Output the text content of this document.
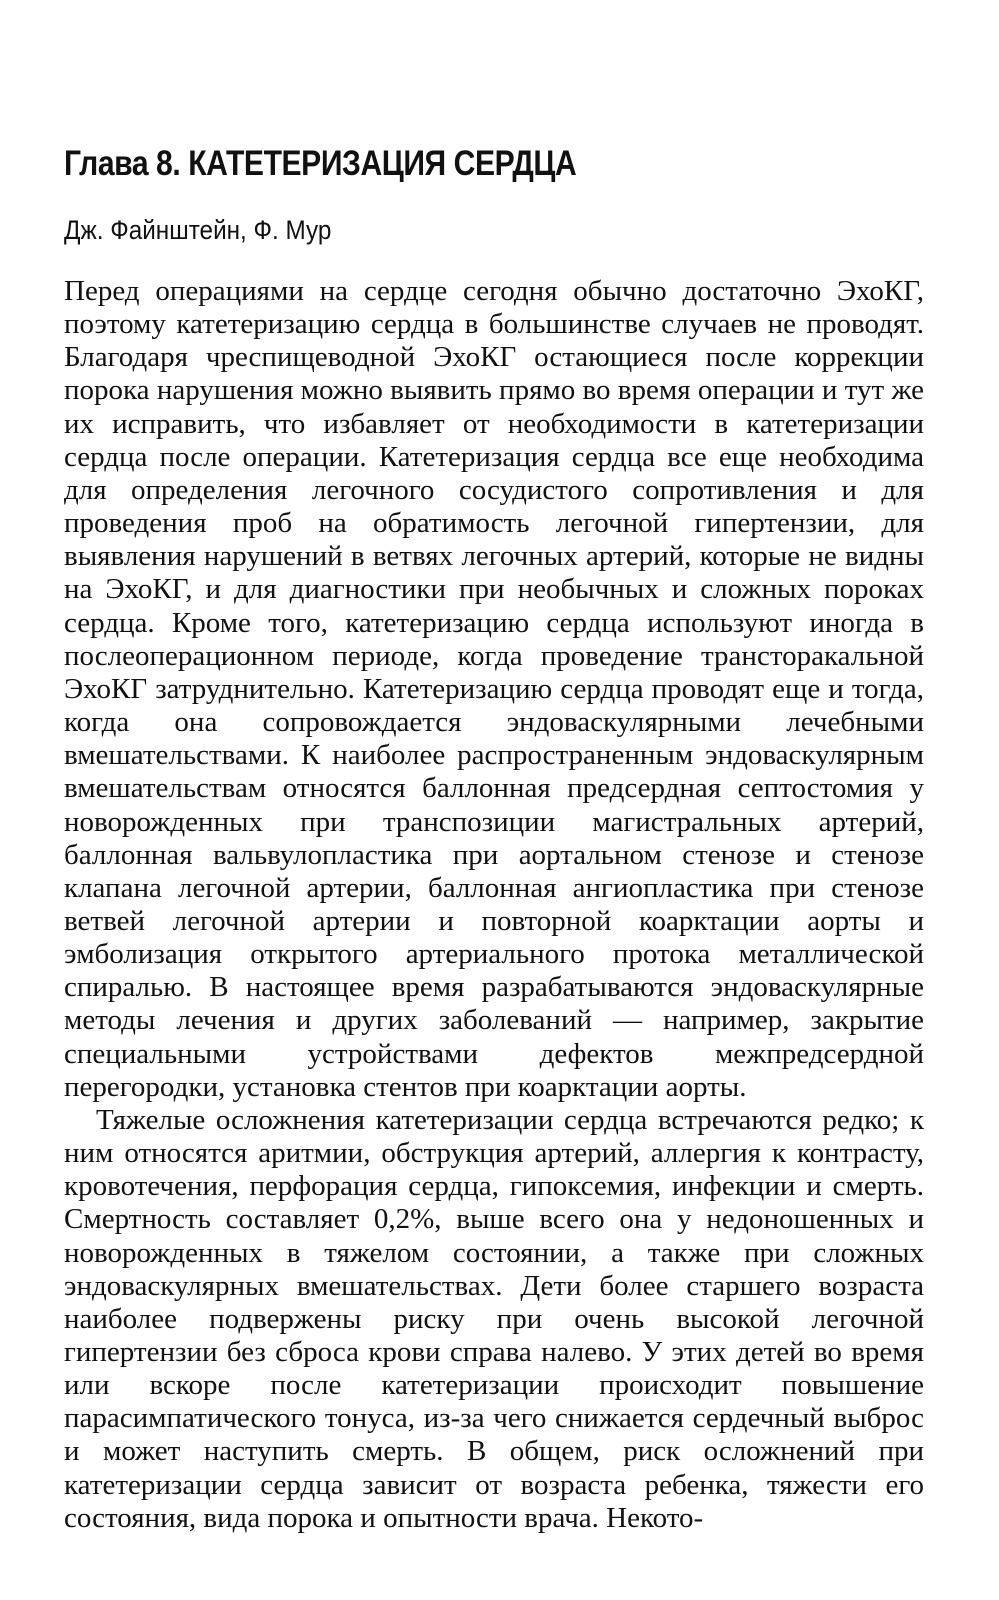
Глава 8. КАТЕТЕРИЗАЦИЯ СЕРДЦА
Дж. Файнштейн, Ф. Мур

Перед операциями на сердце сегодня обычно достаточно ЭхоКГ, поэтому катетеризацию сердца в большинстве случаев не проводят. Благодаря чреспищеводной ЭхоКГ остающиеся после коррекции порока нарушения можно выявить прямо во время операции и тут же их исправить, что избавляет от необходимости в катетеризации сердца после операции. Катетеризация сердца все еще необходима для определения легочного сосудистого сопротивления и для проведения проб на обратимость легочной гипертензии, для выявления нарушений в ветвях легочных артерий, которые не видны на ЭхоКГ, и для диагностики при необычных и сложных пороках сердца. Кроме того, катетеризацию сердца используют иногда в послеоперационном периоде, когда проведение трансторакальной ЭхоКГ затруднительно. Катетеризацию сердца проводят еще и тогда, когда она сопровождается эндоваскулярными лечебными вмешательствами. К наиболее распространенным эндоваскулярным вмешательствам относятся баллонная предсердная септостомия у новорожденных при транспозиции магистральных артерий, баллонная вальвулопластика при аортальном стенозе и стенозе клапана легочной артерии, баллонная ангиопластика при стенозе ветвей легочной артерии и повторной коарктации аорты и эмболизация открытого артериального протока металлической спиралью. В настоящее время разрабатываются эндоваскулярные методы лечения и других заболеваний — например, закрытие специальными устройствами дефектов межпредсердной перегородки, установка стентов при коарктации аорты.

Тяжелые осложнения катетеризации сердца встречаются редко; к ним относятся аритмии, обструкция артерий, аллергия к контрасту, кровотечения, перфорация сердца, гипоксемия, инфекции и смерть. Смертность составляет 0,2%, выше всего она у недоношенных и новорожденных в тяжелом состоянии, а также при сложных эндоваскулярных вмешательствах. Дети более старшего возраста наиболее подвержены риску при очень высокой легочной гипертензии без сброса крови справа налево. У этих детей во время или вскоре после катетеризации происходит повышение парасимпатического тонуса, из-за чего снижается сердечный выброс и может наступить смерть. В общем, риск осложнений при катетеризации сердца зависит от возраста ребенка, тяжести его состояния, вида порока и опытности врача. Некото-
